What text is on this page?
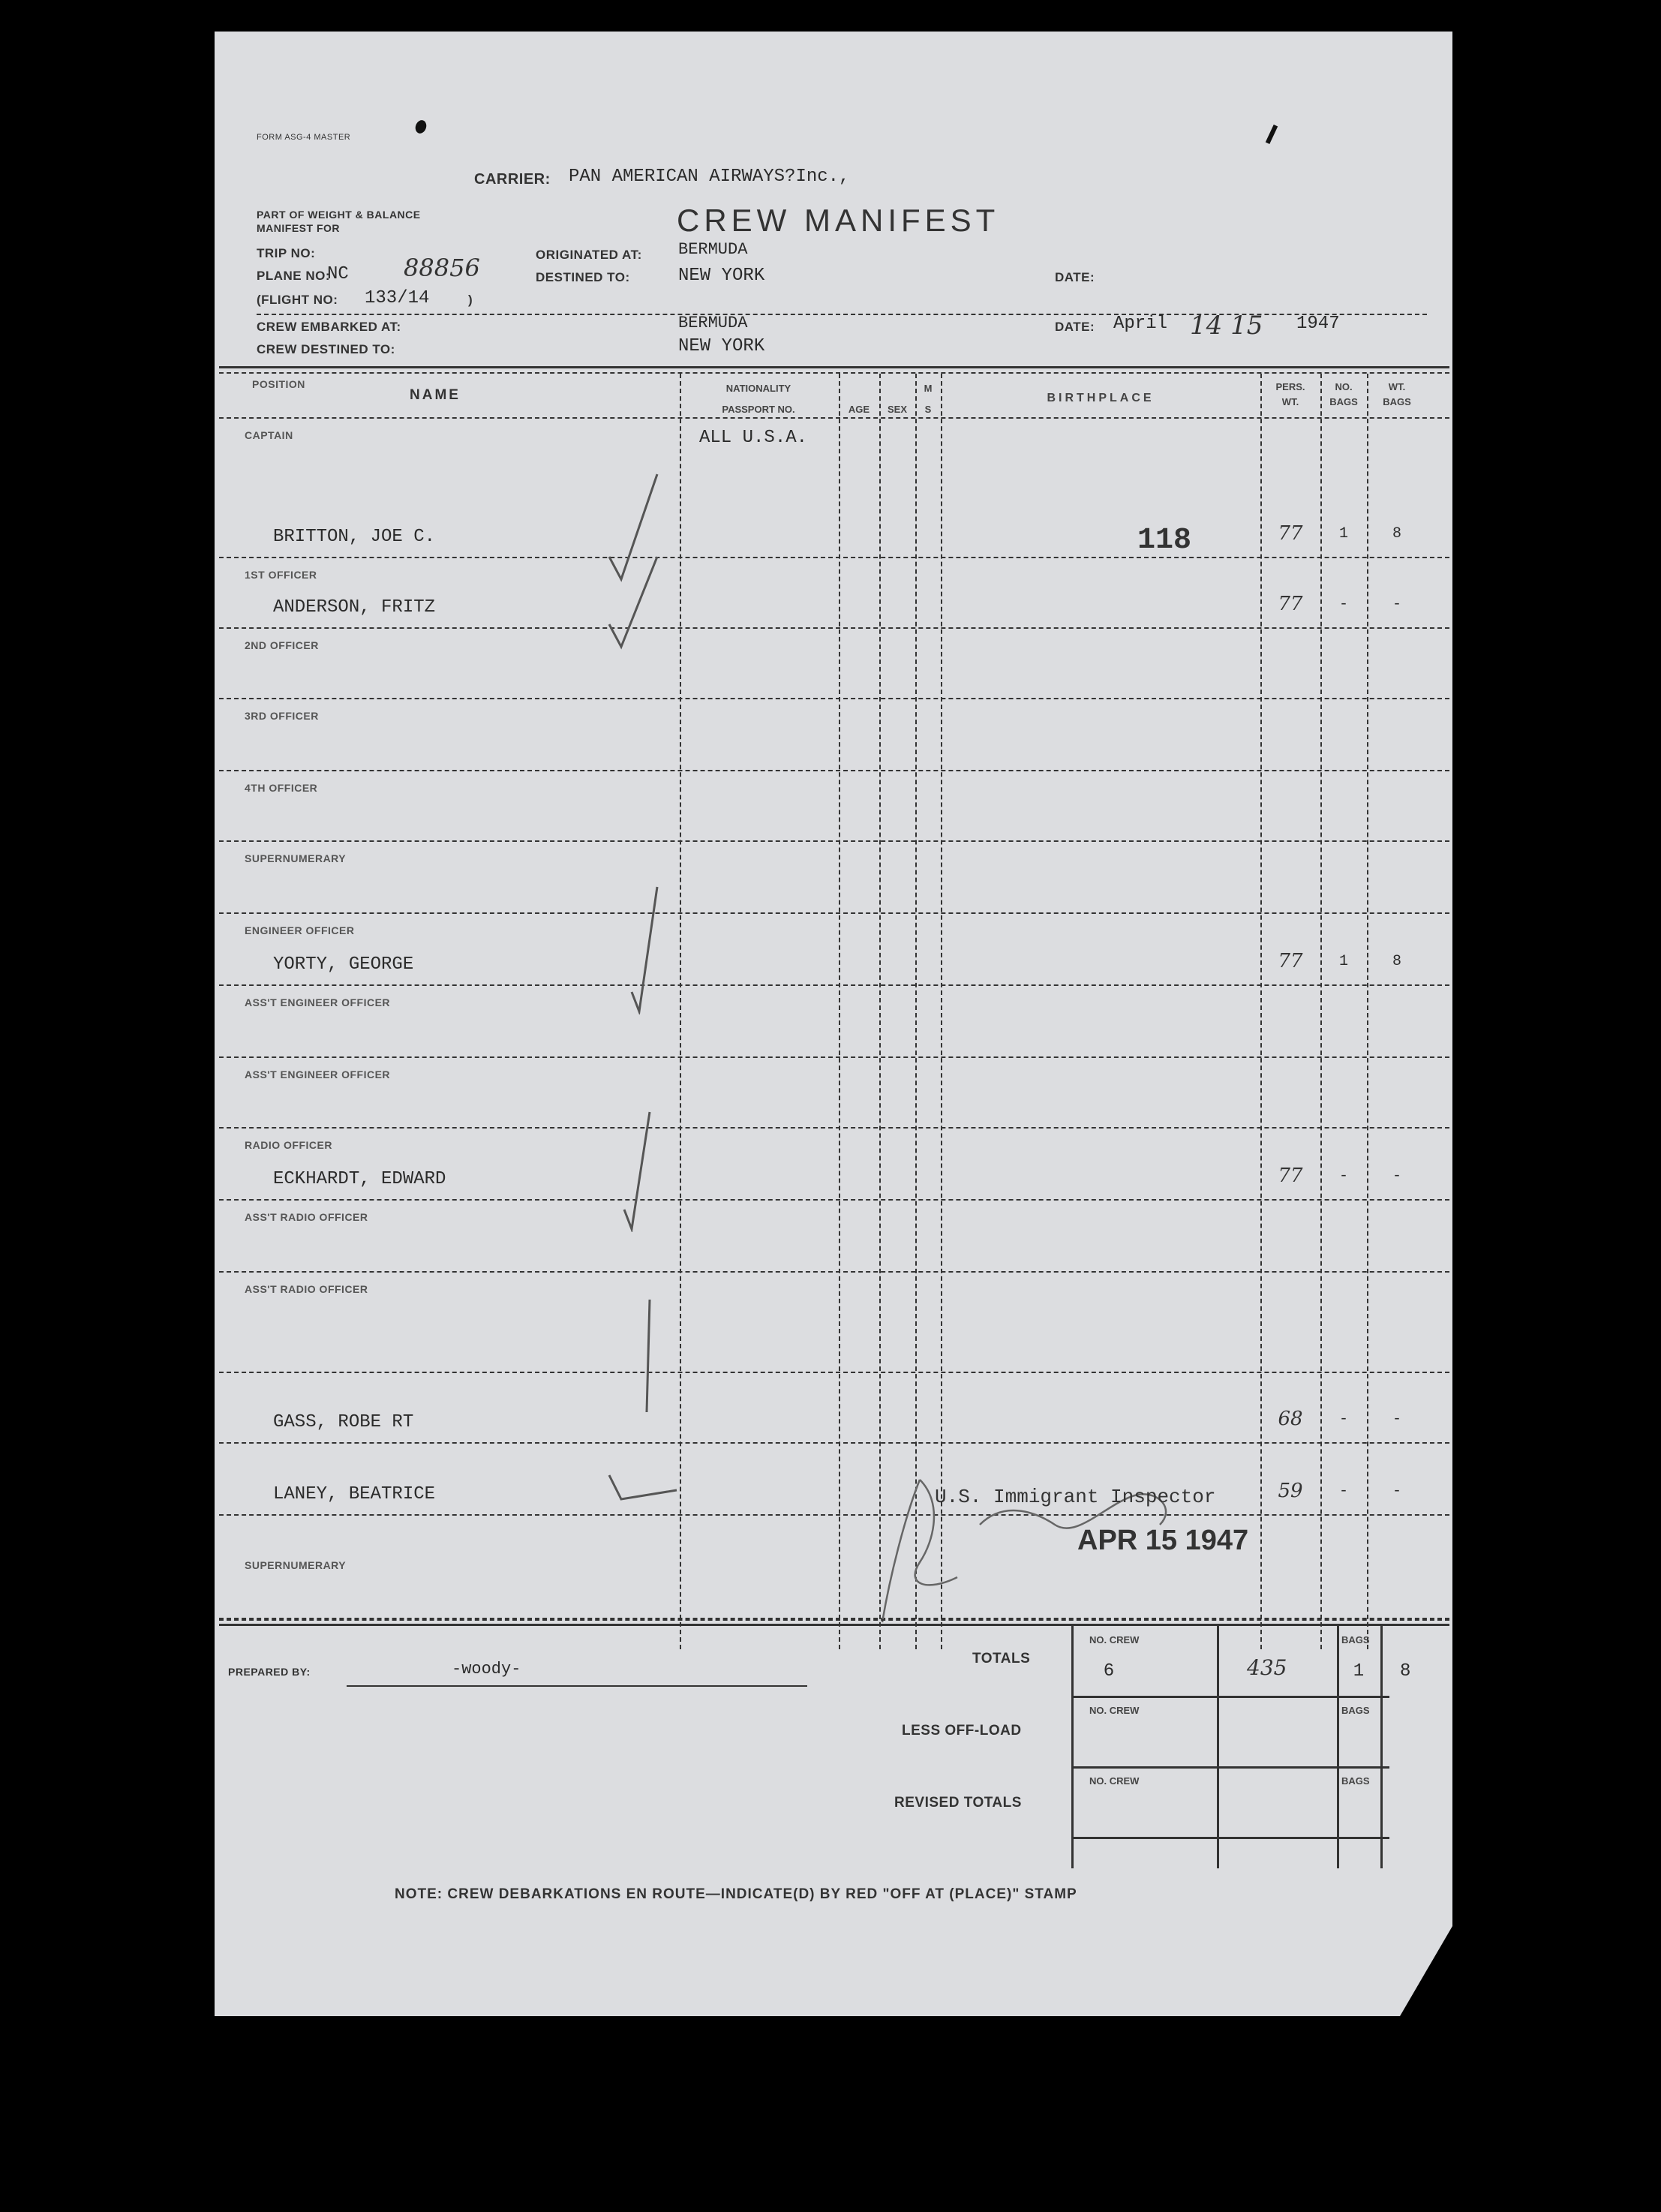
FORM ASG-4 MASTER
CARRIER: PAN AMERICAN AIRWAYS?Inc.,
PART OF WEIGHT & BALANCE
MANIFEST FOR	CREW MANIFEST
TRIP NO:
PLANE NO:
NC 88856
(FLIGHT NO: 133/14	)
ORIGINATED AT: BERMUDA
DESTINED TO:	NEW YORK	DATE:
CREW EMBARKED AT:	BERMUDA
CREW DESTINED TO:	NEW YORK
DATE: April 14 15 1947
POSITION
NAME	NATIONALITY
PASSPORT NO.	AGE	SEX
M
S
BIRTHPLACE
PERS.
WT.
NO.
BAGS
WT.
BAGS
ALL U.S.A.
118
CAPTAIN
BRITTON, JOE C.	77	1	8
1ST OFFICER
ANDERSON, FRITZ	77	-	-
2ND OFFICER
3RD OFFICER
4TH OFFICER
SUPERNUMERARY
ENGINEER OFFICER
YORTY, GEORGE	77	1	8
ASS'T ENGINEER OFFICER
ASS'T ENGINEER OFFICER
RADIO OFFICER
ECKHARDT, EDWARD	77	-	-
ASS'T RADIO OFFICER
ASS'T RADIO OFFICER
GASS, ROBE RT	68	-	-
LANEY, BEATRICE	59	-	-
SUPERNUMERARY
U.S. Immigrant Inspector
APR 15 1947
PREPARED BY:	-woody-
TOTALS
LESS OFF-LOAD
REVISED TOTALS
NO. CREW	BAGS
6	435	1	8
NO. CREW	BAGS
NO. CREW	BAGS
NOTE: CREW DEBARKATIONS EN ROUTE—INDICATE(D) BY RED "OFF AT (PLACE)" STAMP
